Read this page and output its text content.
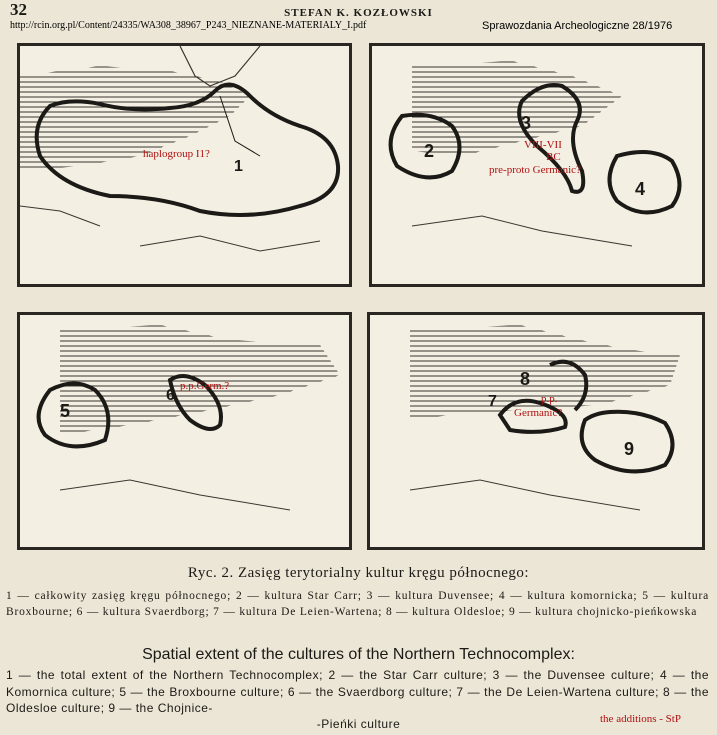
32	STEFAN K. KOZŁOWSKI
http://rcin.org.pl/Content/24335/WA308_38967_P243_NIEZNANE-MATERIALY_I.pdf	Sprawozdania Archeologiczne 28/1976
1
haplogroup I1?	2
3
4
VIII-VII
BC
pre-proto Germanic?
5
6
p.p.Germ.?	8
7
9
p.p.
Germanic?
Ryc. 2. Zasięg terytorialny kultur kręgu północnego:
1 — całkowity zasięg kręgu północnego; 2 — kultura Star Carr; 3 — kultura Duvensee; 4 — kultura komornicka; 5 — kultura Broxbourne; 6 — kultura Svaerdborg; 7 — kultura De Leien-Wartena; 8 — kultura Oldesloe; 9 — kultura chojnicko-pieńkowska
Spatial extent of the cultures of the Northern Technocomplex:
1 — the total extent of the Northern Technocomplex; 2 — the Star Carr culture; 3 — the Duvensee culture; 4 — the Komornica culture; 5 — the Broxbourne culture; 6 — the Svaerdborg culture; 7 — the De Leien-Wartena culture; 8 — the Oldesloe culture; 9 — the Chojnice-
-Pieńki culture	the additions - StP
